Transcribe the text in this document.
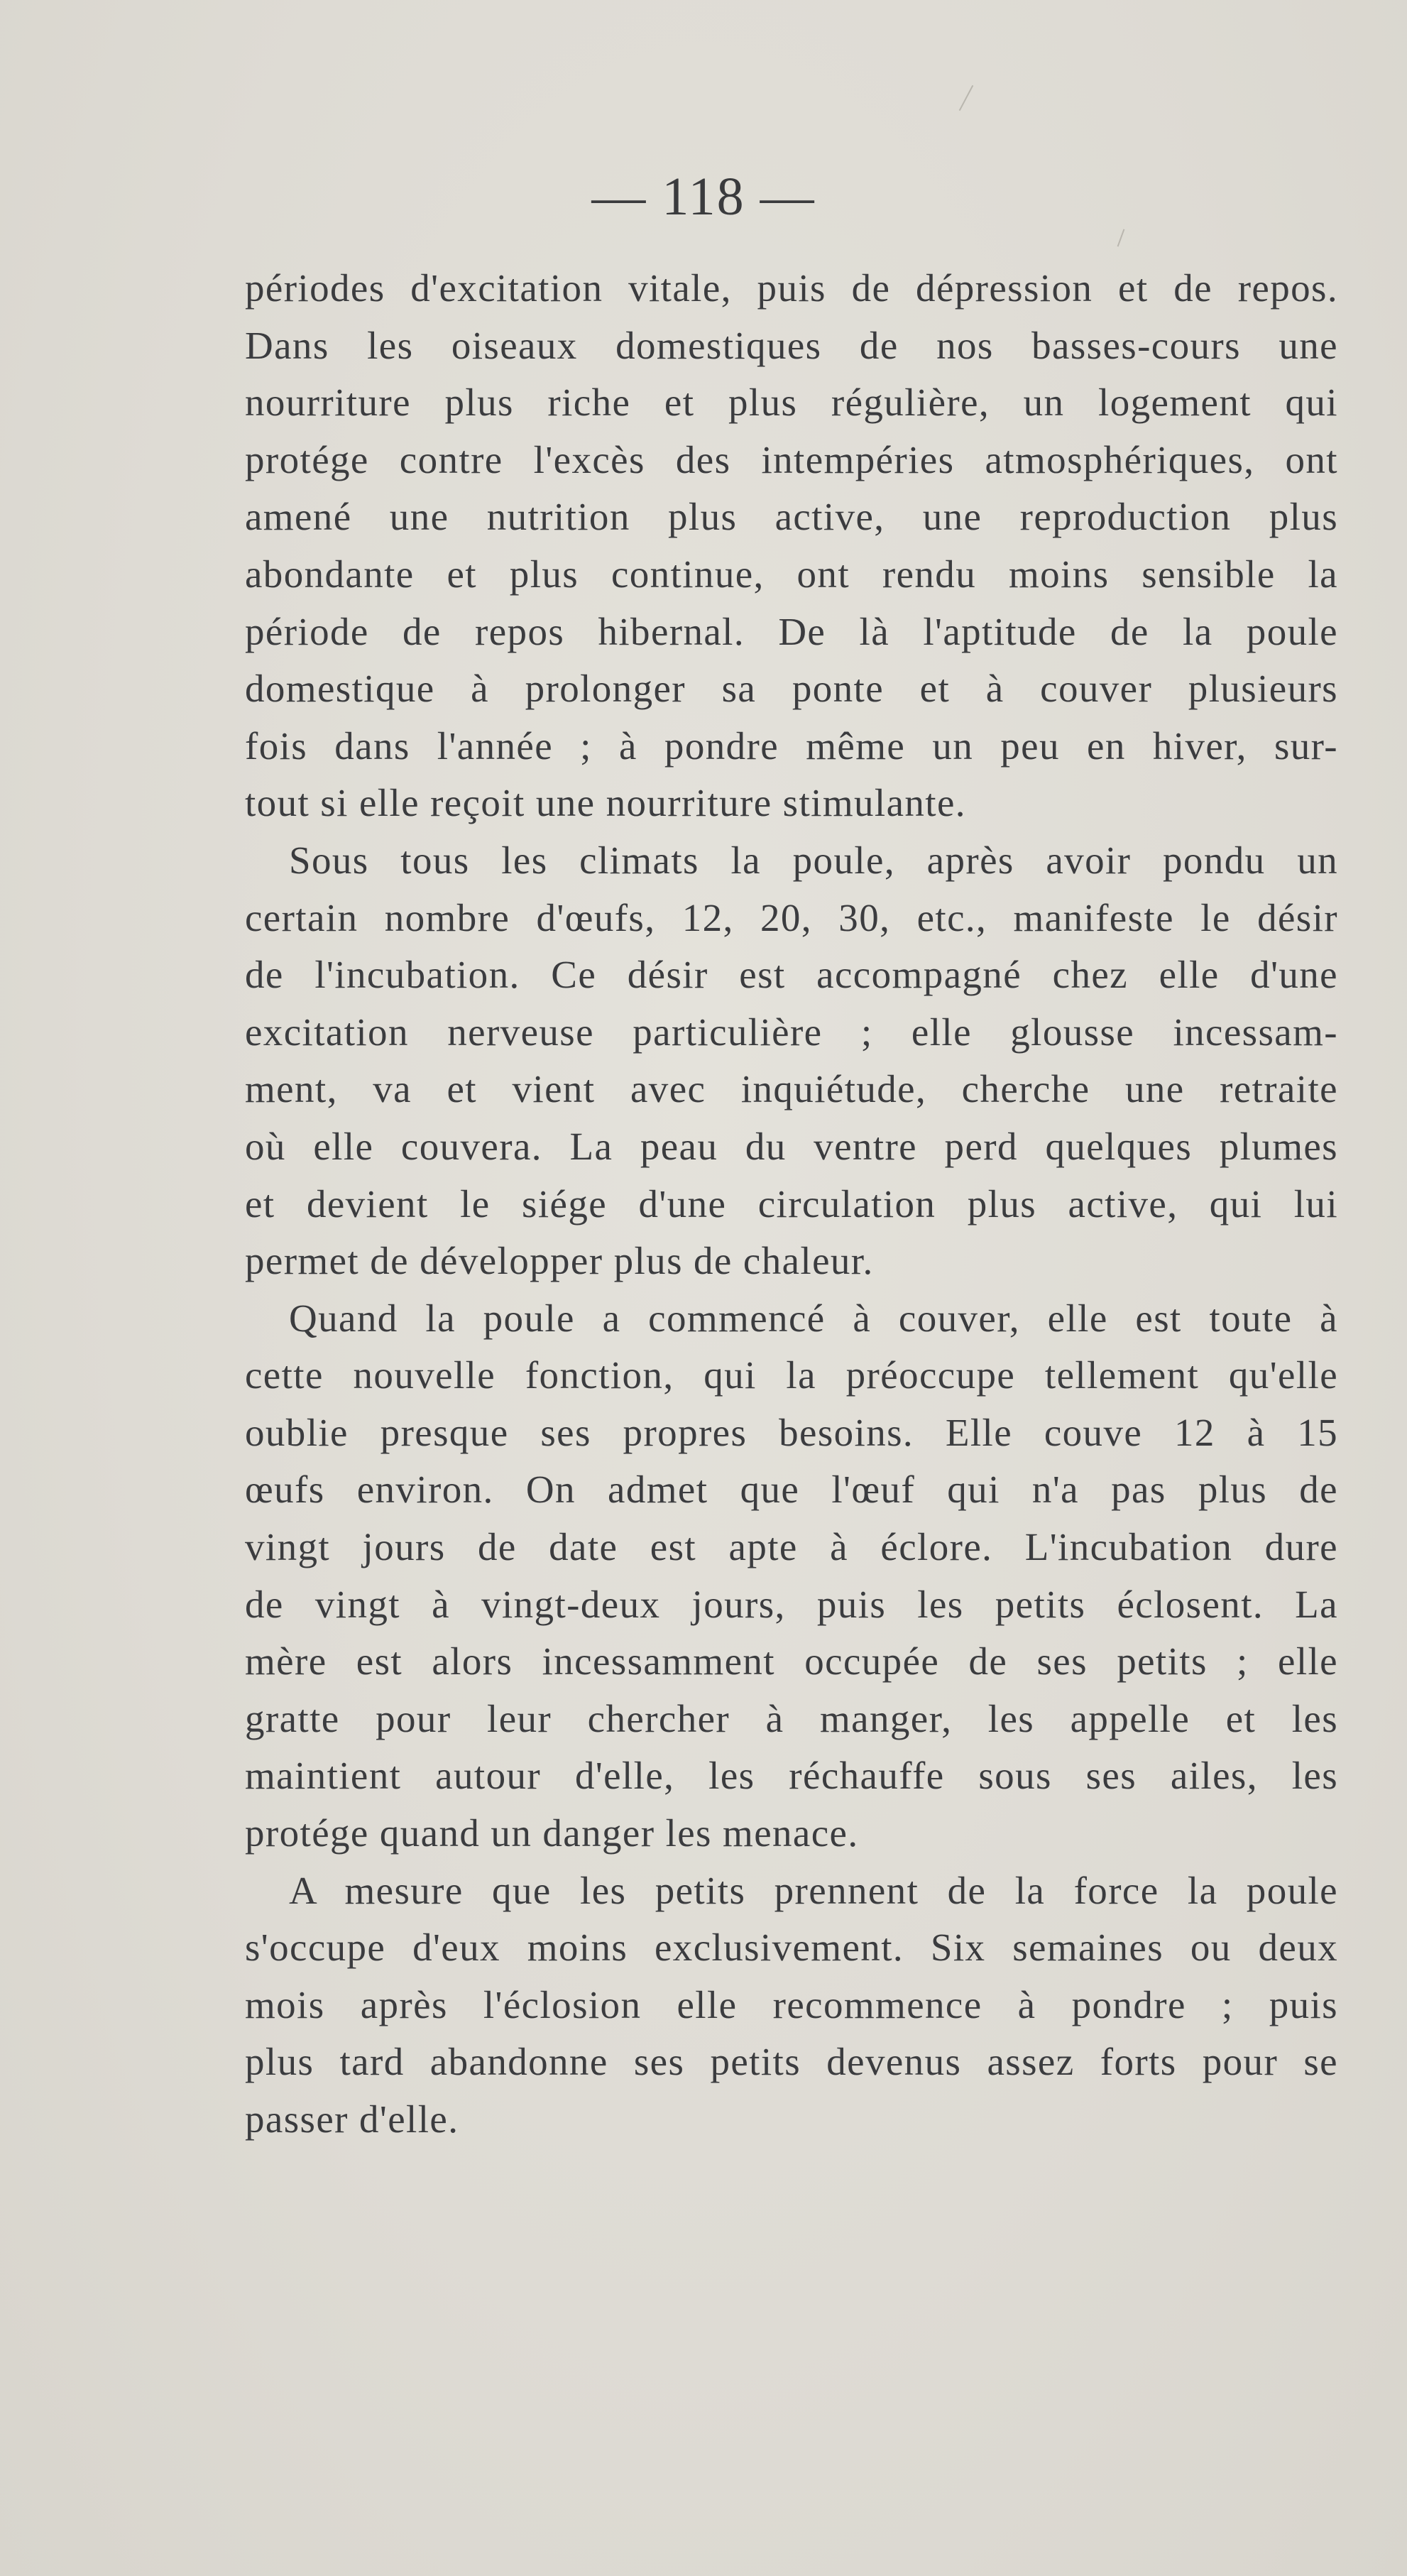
— 118 —
périodes d'excitation vitale, puis de dépression et de repos.
Dans les oiseaux domestiques de nos basses-cours une
nourriture plus riche et plus régulière, un logement qui
protége contre l'excès des intempéries atmosphériques, ont
amené une nutrition plus active, une reproduction plus
abondante et plus continue, ont rendu moins sensible la
période de repos hibernal. De là l'aptitude de la poule
domestique à prolonger sa ponte et à couver plusieurs
fois dans l'année ; à pondre même un peu en hiver, sur-
tout si elle reçoit une nourriture stimulante.
Sous tous les climats la poule, après avoir pondu un
certain nombre d'œufs, 12, 20, 30, etc., manifeste le désir
de l'incubation. Ce désir est accompagné chez elle d'une
excitation nerveuse particulière ; elle glousse incessam-
ment, va et vient avec inquiétude, cherche une retraite
où elle couvera. La peau du ventre perd quelques plumes
et devient le siége d'une circulation plus active, qui lui
permet de développer plus de chaleur.
Quand la poule a commencé à couver, elle est toute à
cette nouvelle fonction, qui la préoccupe tellement qu'elle
oublie presque ses propres besoins. Elle couve 12 à 15
œufs environ. On admet que l'œuf qui n'a pas plus de
vingt jours de date est apte à éclore. L'incubation dure
de vingt à vingt-deux jours, puis les petits éclosent. La
mère est alors incessamment occupée de ses petits ; elle
gratte pour leur chercher à manger, les appelle et les
maintient autour d'elle, les réchauffe sous ses ailes, les
protége quand un danger les menace.
A mesure que les petits prennent de la force la poule
s'occupe d'eux moins exclusivement. Six semaines ou deux
mois après l'éclosion elle recommence à pondre ; puis
plus tard abandonne ses petits devenus assez forts pour se
passer d'elle.
